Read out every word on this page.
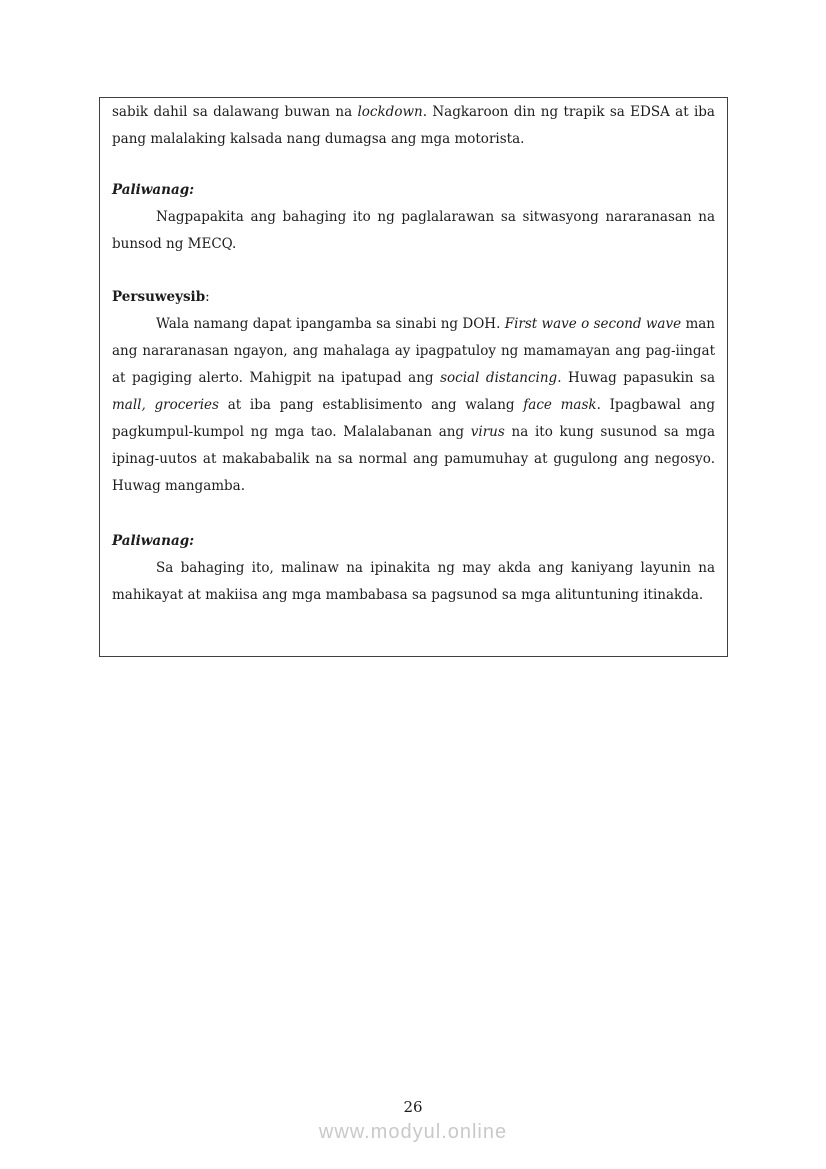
sabik dahil sa dalawang buwan na lockdown. Nagkaroon din ng trapik sa EDSA at iba pang malalaking kalsada nang dumagsa ang mga motorista.

Paliwanag:

Nagpapakita ang bahaging ito ng paglalarawan sa sitwasyong nararanasan na bunsod ng MECQ.

Persuweysib:

Wala namang dapat ipangamba sa sinabi ng DOH. First wave o second wave man ang nararanasan ngayon, ang mahalaga ay ipagpatuloy ng mamamayan ang pag-iingat at pagiging alerto. Mahigpit na ipatupad ang social distancing. Huwag papasukin sa mall, groceries at iba pang establisimento ang walang face mask. Ipagbawal ang pagkumpul-kumpol ng mga tao. Malalabanan ang virus na ito kung susunod sa mga ipinag-uutos at makababalik na sa normal ang pamumuhay at gugulong ang negosyo. Huwag mangamba.

Paliwanag:

Sa bahaging ito, malinaw na ipinakita ng may akda ang kaniyang layunin na mahikayat at makiisa ang mga mambabasa sa pagsunod sa mga alituntuning itinakda.

26
www.modyul.online
